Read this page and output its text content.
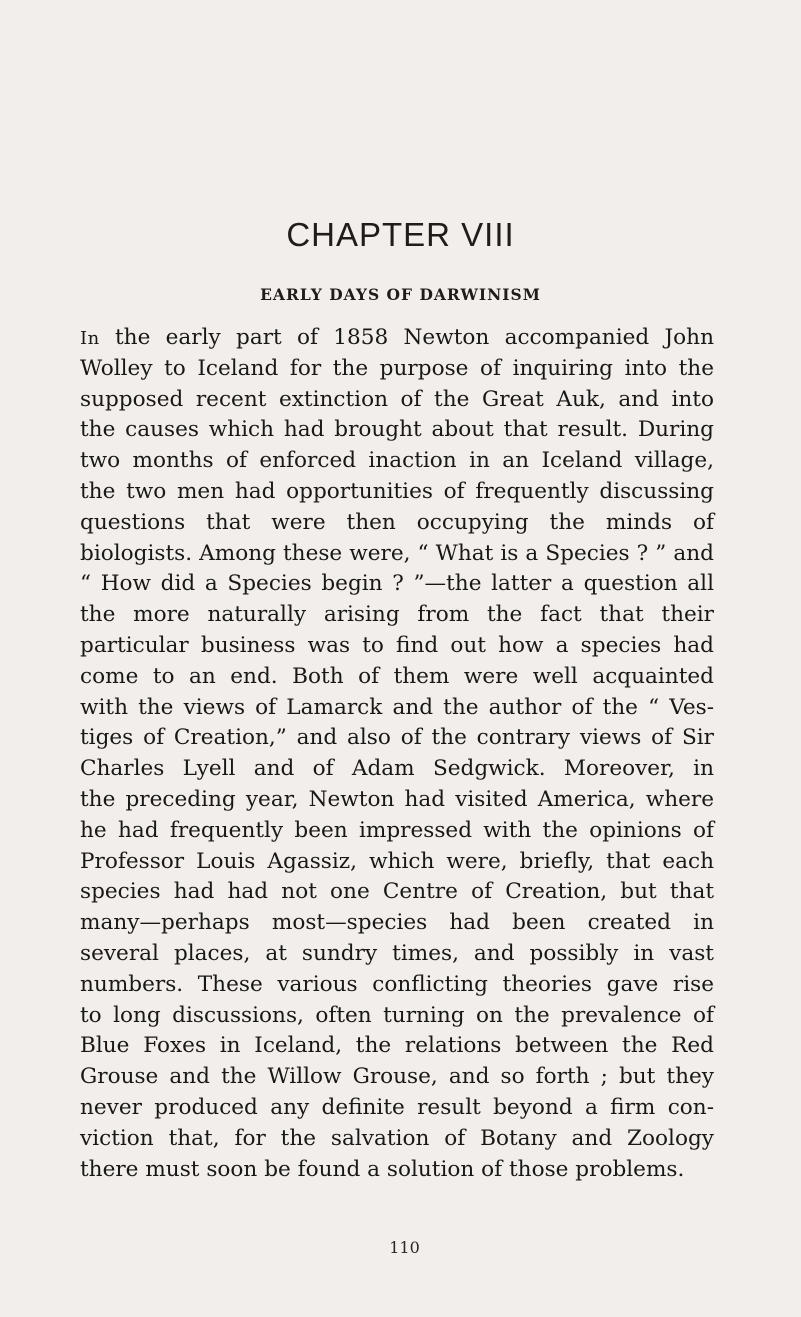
CHAPTER VIII
EARLY DAYS OF DARWINISM
In the early part of 1858 Newton accompanied John
Wolley to Iceland for the purpose of inquiring into the
supposed recent extinction of the Great Auk, and into
the causes which had brought about that result. During
two months of enforced inaction in an Iceland village,
the two men had opportunities of frequently discussing
questions that were then occupying the minds of
biologists. Among these were, “ What is a Species ? ” and
“ How did a Species begin ? ”—the latter a question all
the more naturally arising from the fact that their
particular business was to find out how a species had
come to an end. Both of them were well acquainted
with the views of Lamarck and the author of the “ Ves-
tiges of Creation,” and also of the contrary views of Sir
Charles Lyell and of Adam Sedgwick. Moreover, in
the preceding year, Newton had visited America, where
he had frequently been impressed with the opinions of
Professor Louis Agassiz, which were, briefly, that each
species had had not one Centre of Creation, but that
many—perhaps most—species had been created in
several places, at sundry times, and possibly in vast
numbers. These various conflicting theories gave rise
to long discussions, often turning on the prevalence of
Blue Foxes in Iceland, the relations between the Red
Grouse and the Willow Grouse, and so forth ; but they
never produced any definite result beyond a firm con-
viction that, for the salvation of Botany and Zoology
there must soon be found a solution of those problems.
110
